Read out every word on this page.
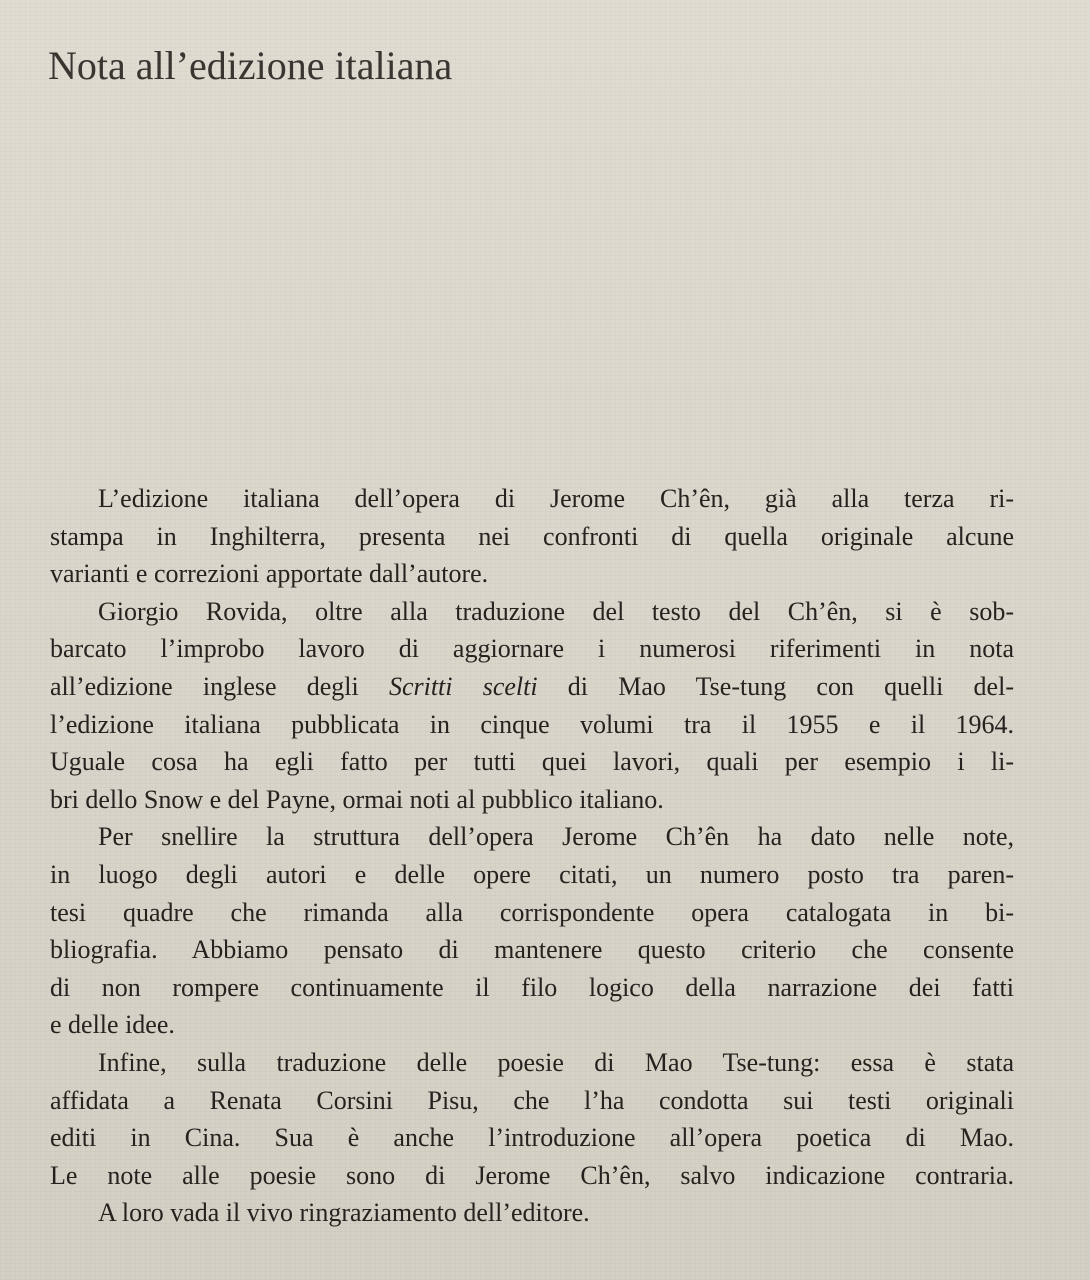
Nota all’edizione italiana
L’edizione italiana dell’opera di Jerome Ch’ên, già alla terza ri-
stampa in Inghilterra, presenta nei confronti di quella originale alcune
varianti e correzioni apportate dall’autore.
Giorgio Rovida, oltre alla traduzione del testo del Ch’ên, si è sob-
barcato l’improbo lavoro di aggiornare i numerosi riferimenti in nota
all’edizione inglese degli Scritti scelti di Mao Tse-tung con quelli del-
l’edizione italiana pubblicata in cinque volumi tra il 1955 e il 1964.
Uguale cosa ha egli fatto per tutti quei lavori, quali per esempio i li-
bri dello Snow e del Payne, ormai noti al pubblico italiano.
Per snellire la struttura dell’opera Jerome Ch’ên ha dato nelle note,
in luogo degli autori e delle opere citati, un numero posto tra paren-
tesi quadre che rimanda alla corrispondente opera catalogata in bi-
bliografia. Abbiamo pensato di mantenere questo criterio che consente
di non rompere continuamente il filo logico della narrazione dei fatti
e delle idee.
Infine, sulla traduzione delle poesie di Mao Tse-tung: essa è stata
affidata a Renata Corsini Pisu, che l’ha condotta sui testi originali
editi in Cina. Sua è anche l’introduzione all’opera poetica di Mao.
Le note alle poesie sono di Jerome Ch’ên, salvo indicazione contraria.
A loro vada il vivo ringraziamento dell’editore.
